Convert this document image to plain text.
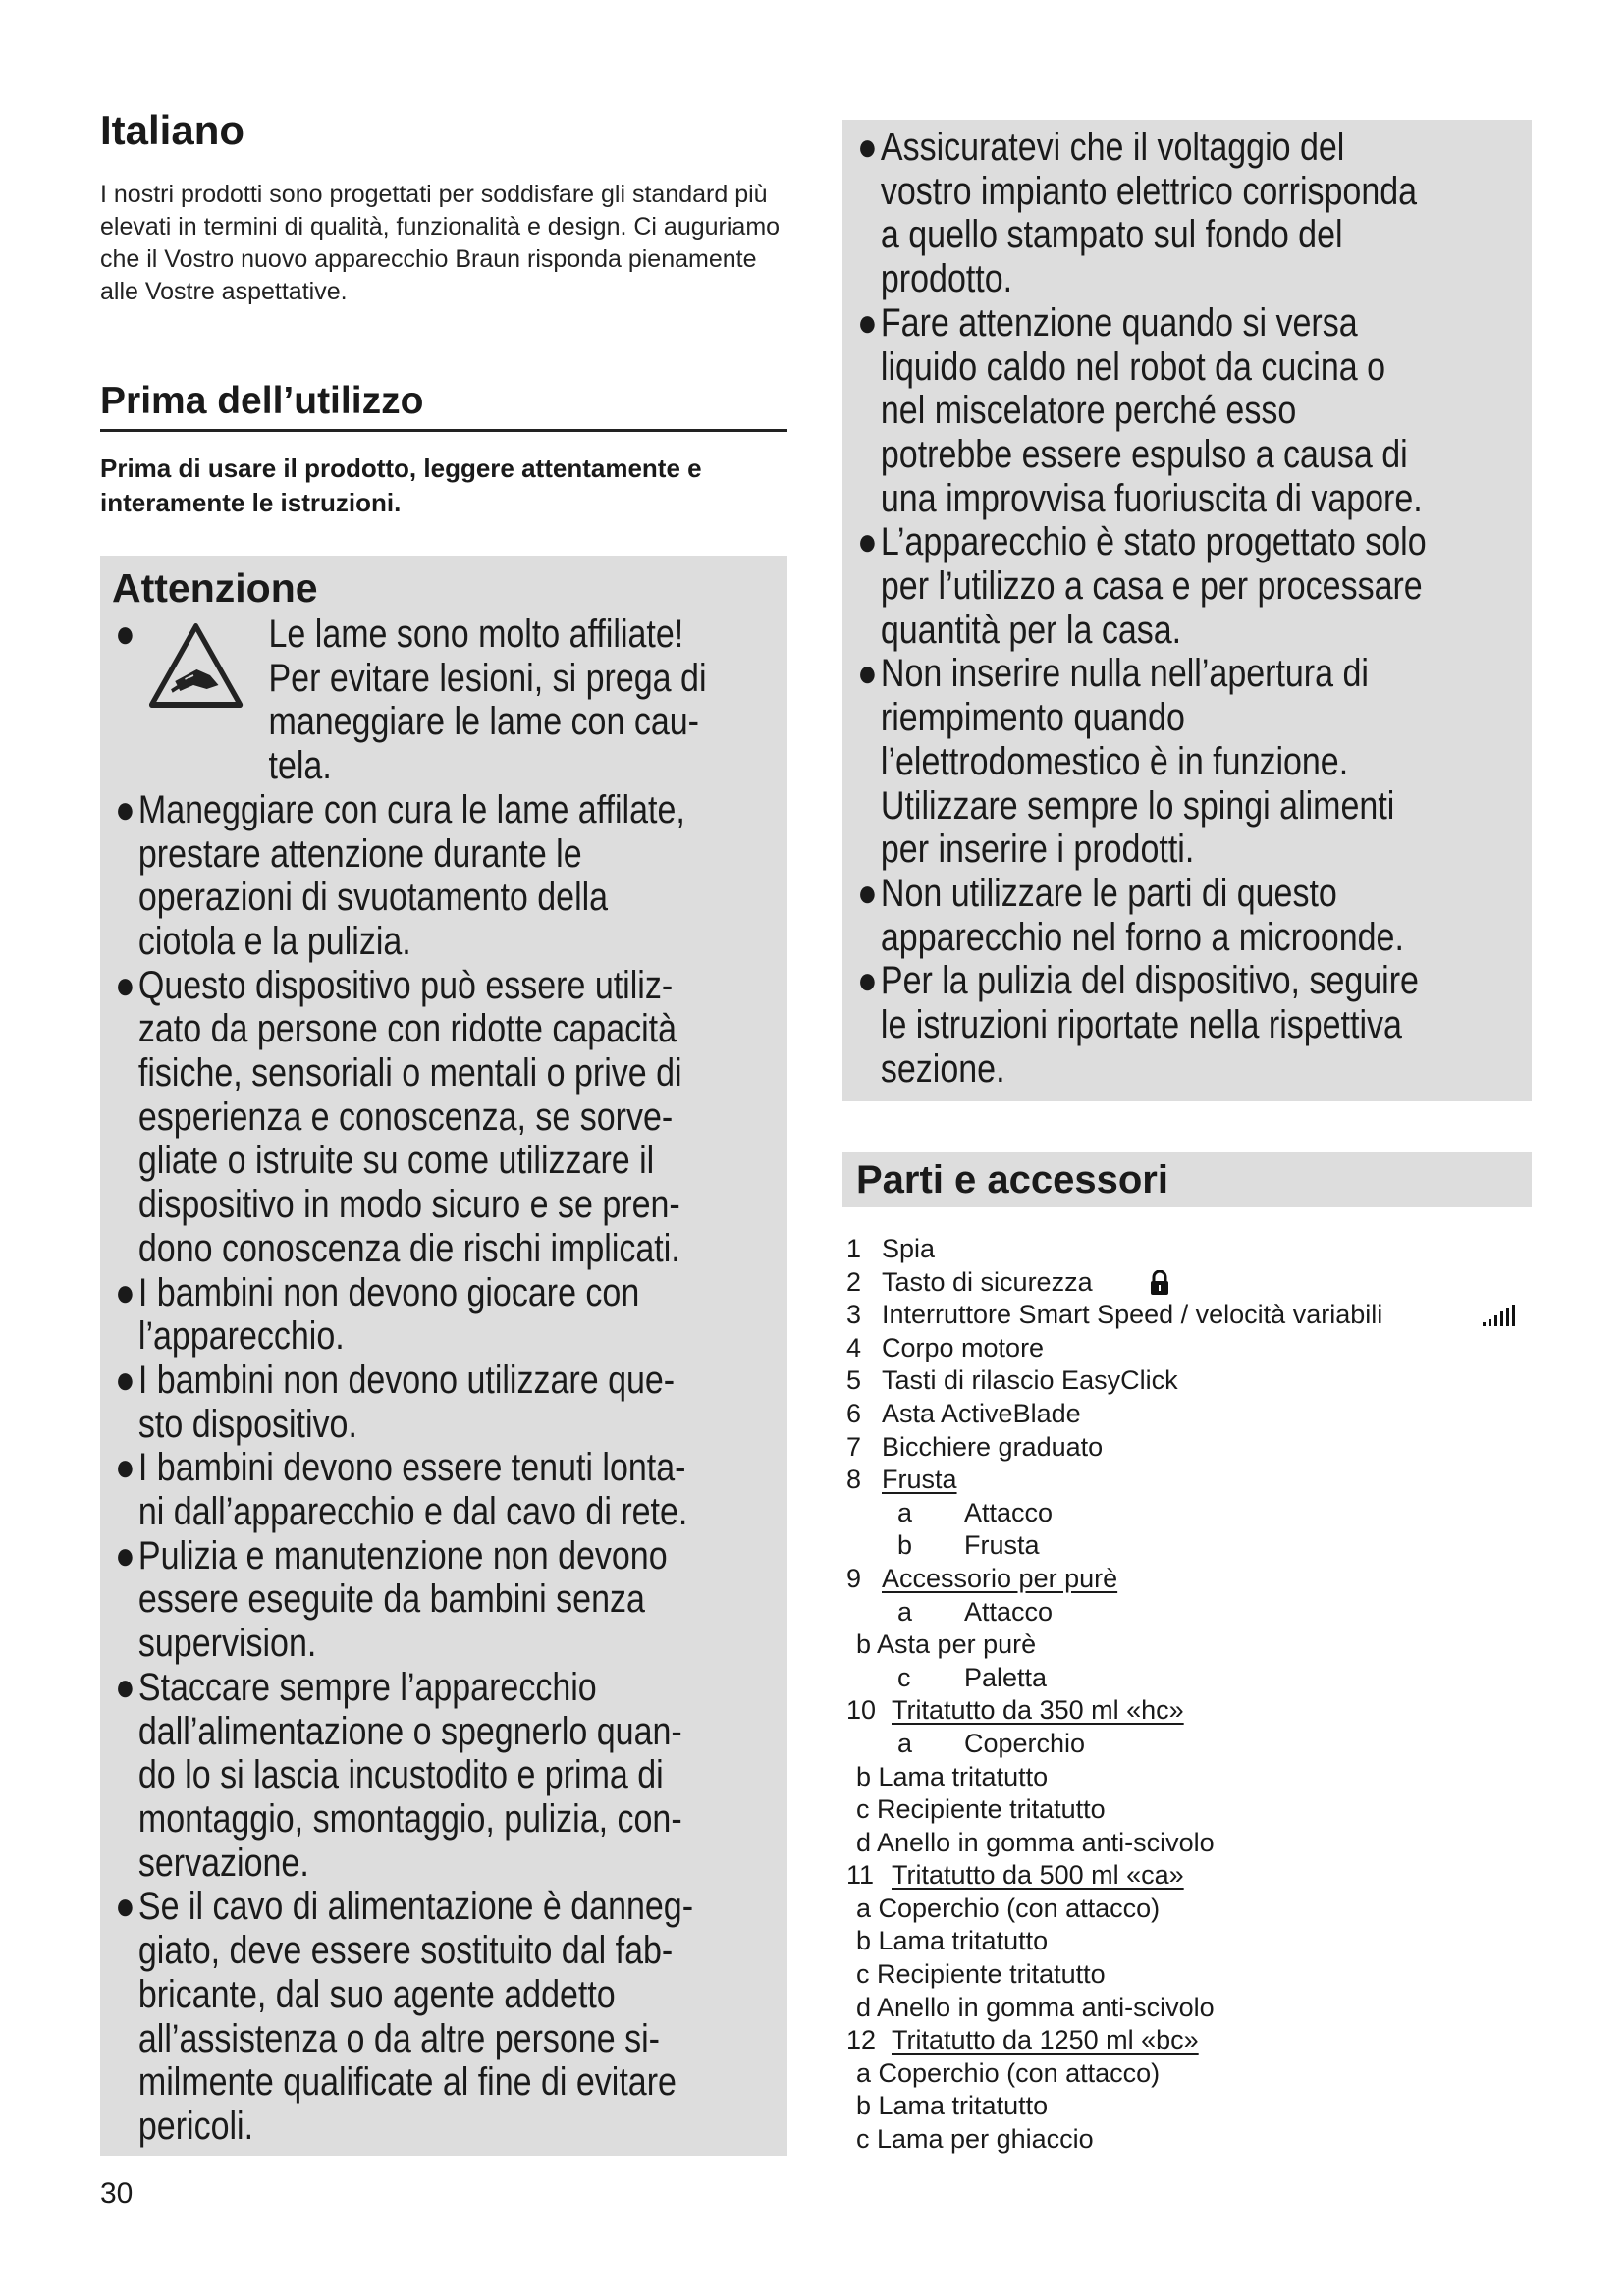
Italiano

I nostri prodotti sono progettati per soddisfare gli standard più elevati in termini di qualità, funzionalità e design. Ci auguriamo che il Vostro nuovo apparecchio Braun risponda pienamente alle Vostre aspettative.

Prima dell’utilizzo

Prima di usare il prodotto, leggere attentamente e interamente le istruzioni.

Attenzione
●	Le lame sono molto affiliate!
Per evitare lesioni, si prega di
maneggiare le lame con cau-
tela.
● Maneggiare con cura le lame affilate,
prestare attenzione durante le
operazioni di svuotamento della
ciotola e la pulizia.
● Questo dispositivo può essere utiliz-
zato da persone con ridotte capacità
fisiche, sensoriali o mentali o prive di
esperienza e conoscenza, se sorve-
gliate o istruite su come utilizzare il
dispositivo in modo sicuro e se pren-
dono conoscenza die rischi implicati.
● I bambini non devono giocare con
l’apparecchio.
● I bambini non devono utilizzare que-
sto dispositivo.
● I bambini devono essere tenuti lonta-
ni dall’apparecchio e dal cavo di rete.
● Pulizia e manutenzione non devono
essere eseguite da bambini senza
supervision.
● Staccare sempre l’apparecchio
dall’alimentazione o spegnerlo quan-
do lo si lascia incustodito e prima di
montaggio, smontaggio, pulizia, con-
servazione.
● Se il cavo di alimentazione è danneg-
giato, deve essere sostituito dal fab-
bricante, dal suo agente addetto
all’assistenza o da altre persone si-
milmente qualificate al fine di evitare
pericoli.

30

● Assicuratevi che il voltaggio del
vostro impianto elettrico corrisponda
a quello stampato sul fondo del
prodotto.
● Fare attenzione quando si versa
liquido caldo nel robot da cucina o
nel miscelatore perché esso
potrebbe essere espulso a causa di
una improvvisa fuoriuscita di vapore.
● L’apparecchio è stato progettato solo
per l’utilizzo a casa e per processare
quantità per la casa.
● Non inserire nulla nell’apertura di
riempimento quando
l’elettrodomestico è in funzione.
Utilizzare sempre lo spingi alimenti
per inserire i prodotti.
● Non utilizzare le parti di questo
apparecchio nel forno a microonde.
● Per la pulizia del dispositivo, seguire
le istruzioni riportate nella rispettiva
sezione.
Parti e accessori
1 Spia
2 Tasto di sicurezza
3 Interruttore Smart Speed / velocità variabili
4 Corpo motore
5 Tasti di rilascio EasyClick
6 Asta ActiveBlade
7 Bicchiere graduato
8 Frusta
a Attacco
b Frusta
9 Accessorio per purè
a Attacco
b Asta per purè
c Paletta
10 Tritatutto da 350 ml «hc»
a Coperchio
b Lama tritatutto
c Recipiente tritatutto
d Anello in gomma anti-scivolo
11 Tritatutto da 500 ml «ca»
a Coperchio (con attacco)
b Lama tritatutto
c Recipiente tritatutto
d Anello in gomma anti-scivolo
12 Tritatutto da 1250 ml «bc»
a Coperchio (con attacco)
b Lama tritatutto
c Lama per ghiaccio
